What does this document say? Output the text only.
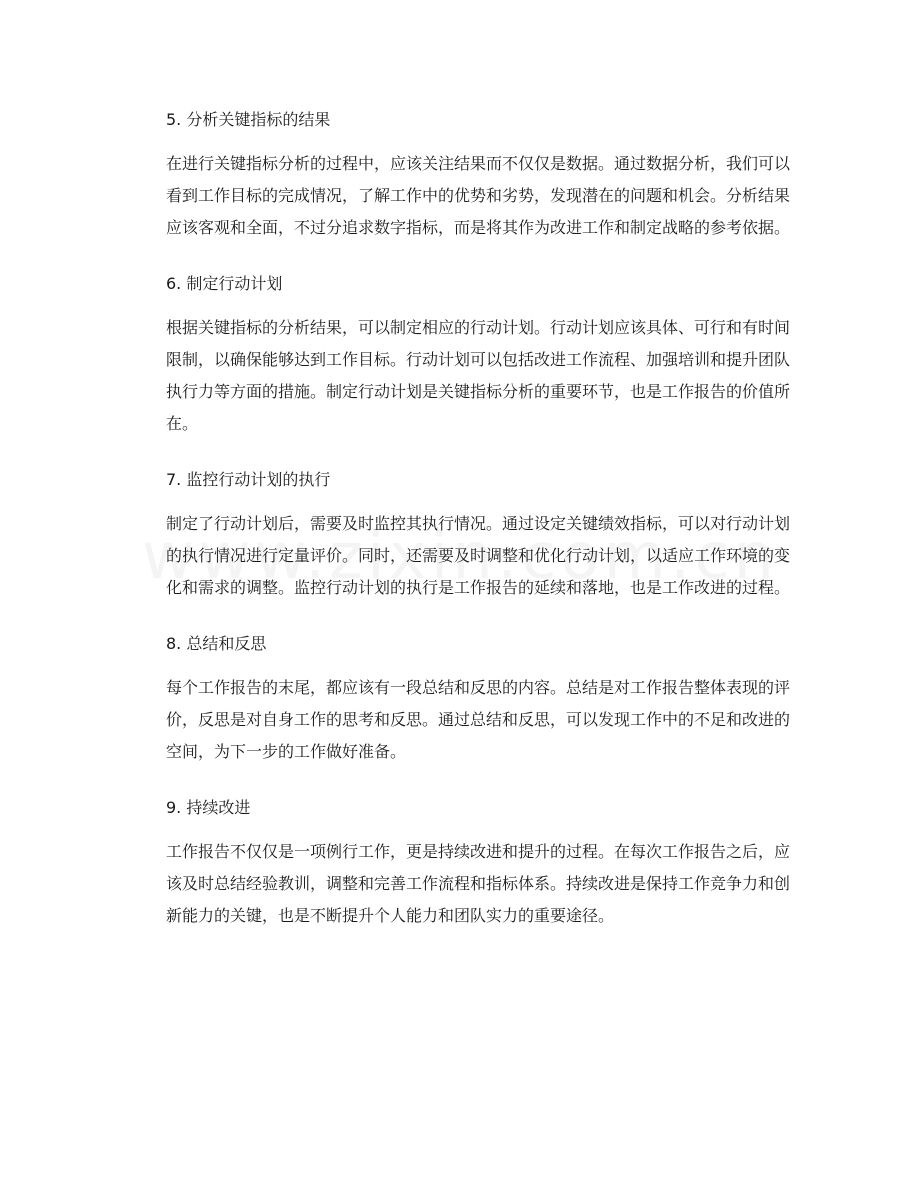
5. 分析关键指标的结果

在进行关键指标分析的过程中，应该关注结果而不仅仅是数据。通过数据分析，我们可以看到工作目标的完成情况，了解工作中的优势和劣势，发现潜在的问题和机会。分析结果应该客观和全面，不过分追求数字指标，而是将其作为改进工作和制定战略的参考依据。

6. 制定行动计划

根据关键指标的分析结果，可以制定相应的行动计划。行动计划应该具体、可行和有时间限制，以确保能够达到工作目标。行动计划可以包括改进工作流程、加强培训和提升团队执行力等方面的措施。制定行动计划是关键指标分析的重要环节，也是工作报告的价值所在。

7. 监控行动计划的执行

制定了行动计划后，需要及时监控其执行情况。通过设定关键绩效指标，可以对行动计划的执行情况进行定量评价。同时，还需要及时调整和优化行动计划，以适应工作环境的变化和需求的调整。监控行动计划的执行是工作报告的延续和落地，也是工作改进的过程。

8. 总结和反思

每个工作报告的末尾，都应该有一段总结和反思的内容。总结是对工作报告整体表现的评价，反思是对自身工作的思考和反思。通过总结和反思，可以发现工作中的不足和改进的空间，为下一步的工作做好准备。

9. 持续改进

工作报告不仅仅是一项例行工作，更是持续改进和提升的过程。在每次工作报告之后，应该及时总结经验教训，调整和完善工作流程和指标体系。持续改进是保持工作竞争力和创新能力的关键，也是不断提升个人能力和团队实力的重要途径。
